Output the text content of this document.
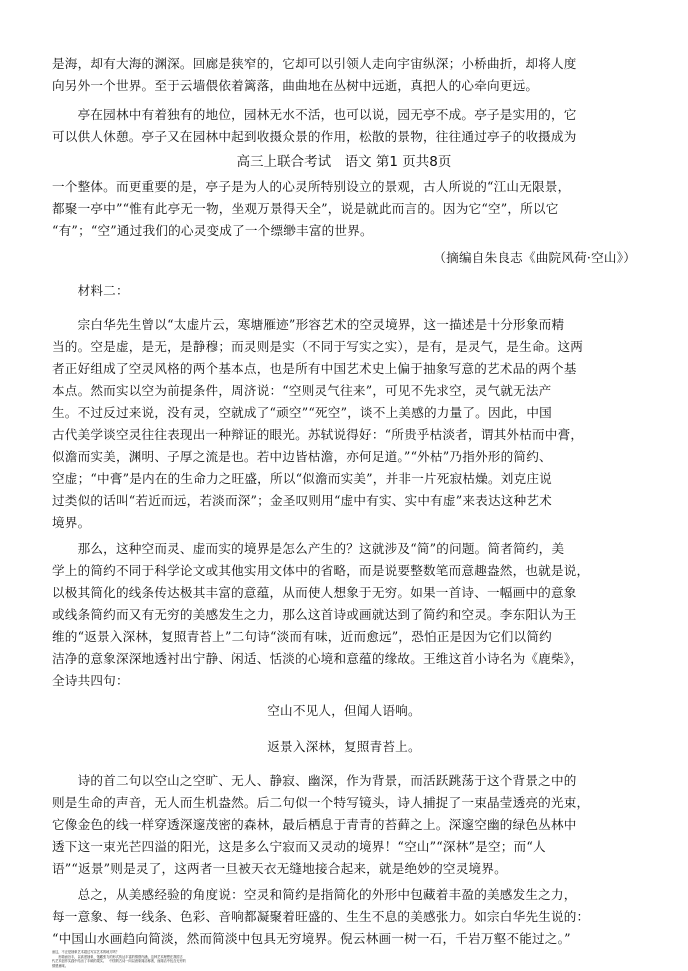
是海，却有大海的渊深。回廊是狭窄的，它却可以引领人走向宇宙纵深；小桥曲折，却将人度
向另外一个世界。至于云墙偎依着篱落，曲曲地在丛树中远逝，真把人的心牵向更远。
　　亭在园林中有着独有的地位，园林无水不活，也可以说，园无亭不成。亭子是实用的，它
可以供人休憩。亭子又在园林中起到收摄众景的作用，松散的景物，往往通过亭子的收摄成为
高三上联合考试　语文 第1 页共8页
一个整体。而更重要的是，亭子是为人的心灵所特别设立的景观，古人所说的“江山无限景，
都聚一亭中”“惟有此亭无一物，坐观万景得天全”，说是就此而言的。因为它“空”，所以它
“有”；“空”通过我们的心灵变成了一个缥缈丰富的世界。
（摘编自朱良志《曲院风荷·空山》）
　　材料二：
　　宗白华先生曾以“太虚片云，寒塘雁迹”形容艺术的空灵境界，这一描述是十分形象而精
当的。空是虚，是无，是静穆；而灵则是实（不同于写实之实），是有，是灵气，是生命。这两
者正好组成了空灵风格的两个基本点，也是所有中国艺术史上偏于抽象写意的艺术品的两个基
本点。然而实以空为前提条件，周济说：“空则灵气往来”，可见不先求空，灵气就无法产
生。不过反过来说，没有灵，空就成了“顽空”“死空”，谈不上美感的力量了。因此，中国
古代美学谈空灵往往表现出一种辩证的眼光。苏轼说得好：“所贵乎枯淡者，谓其外枯而中膏，
似澹而实美，渊明、子厚之流是也。若中边皆枯澹，亦何足道。”“外枯”乃指外形的简约、
空虚；“中膏”是内在的生命力之旺盛，所以“似澹而实美”，并非一片死寂枯燥。刘克庄说
过类似的话叫“若近而远，若淡而深”；金圣叹则用“虚中有实、实中有虚”来表达这种艺术
境界。
　　那么，这种空而灵、虚而实的境界是怎么产生的？这就涉及“简”的问题。简者简约，美
学上的简约不同于科学论文或其他实用文体中的省略，而是说要整数笔而意趣盎然，也就是说，
以极其简化的线条传达极其丰富的意蕴，从而使人想象于无穷。如果一首诗、一幅画中的意象
或线条简约而又有无穷的美感发生之力，那么这首诗或画就达到了简约和空灵。李东阳认为王
维的“返景入深林，复照青苔上”二句诗“淡而有味，近而愈远”，恐怕正是因为它们以简约
洁净的意象深深地透衬出宁静、闲适、恬淡的心境和意蕴的缘故。王维这首小诗名为《鹿柴》，
全诗共四句：
空山不见人，但闻人语响。
返景入深林，复照青苔上。
　　诗的首二句以空山之空旷、无人、静寂、幽深，作为背景，而活跃跳荡于这个背景之中的
则是生命的声音，无人而生机盎然。后二句似一个特写镜头，诗人捕捉了一束晶莹透亮的光束，
它像金色的线一样穿透深邃茂密的森林，最后栖息于青青的苔藓之上。深邃空幽的绿色丛林中
透下这一束光芒四溢的阳光，这是多么宁寂而又灵动的境界！“空山”“深林”是空；而“人
语”“返景”则是灵了，这两者一旦被天衣无缝地接合起来，就是绝妙的空灵境界。
　　总之，从美感经验的角度说：空灵和简约是指简化的外形中包藏着丰盈的美感发生之力，
每一意象、每一线条、色彩、音响都凝聚着旺盛的、生生不息的美感张力。如宗白华先生说的：
“中国山水画趋向简淡，然而简淡中包具无穷境界。倪云林画一树一石，千岩万壑不能过之。”
而这，不正是抽象艺术超过写实艺术的地方吗？
　　形简而旨丰，以高度抽象、饱藏张力的形式传达丰富的情感内涵，这种艺术理想在我国古
代艺术创作实践中结出了丰硕的果实。　中国的古诗一向以意象简洁称著，而简洁中包含无穷的
情感意味。
